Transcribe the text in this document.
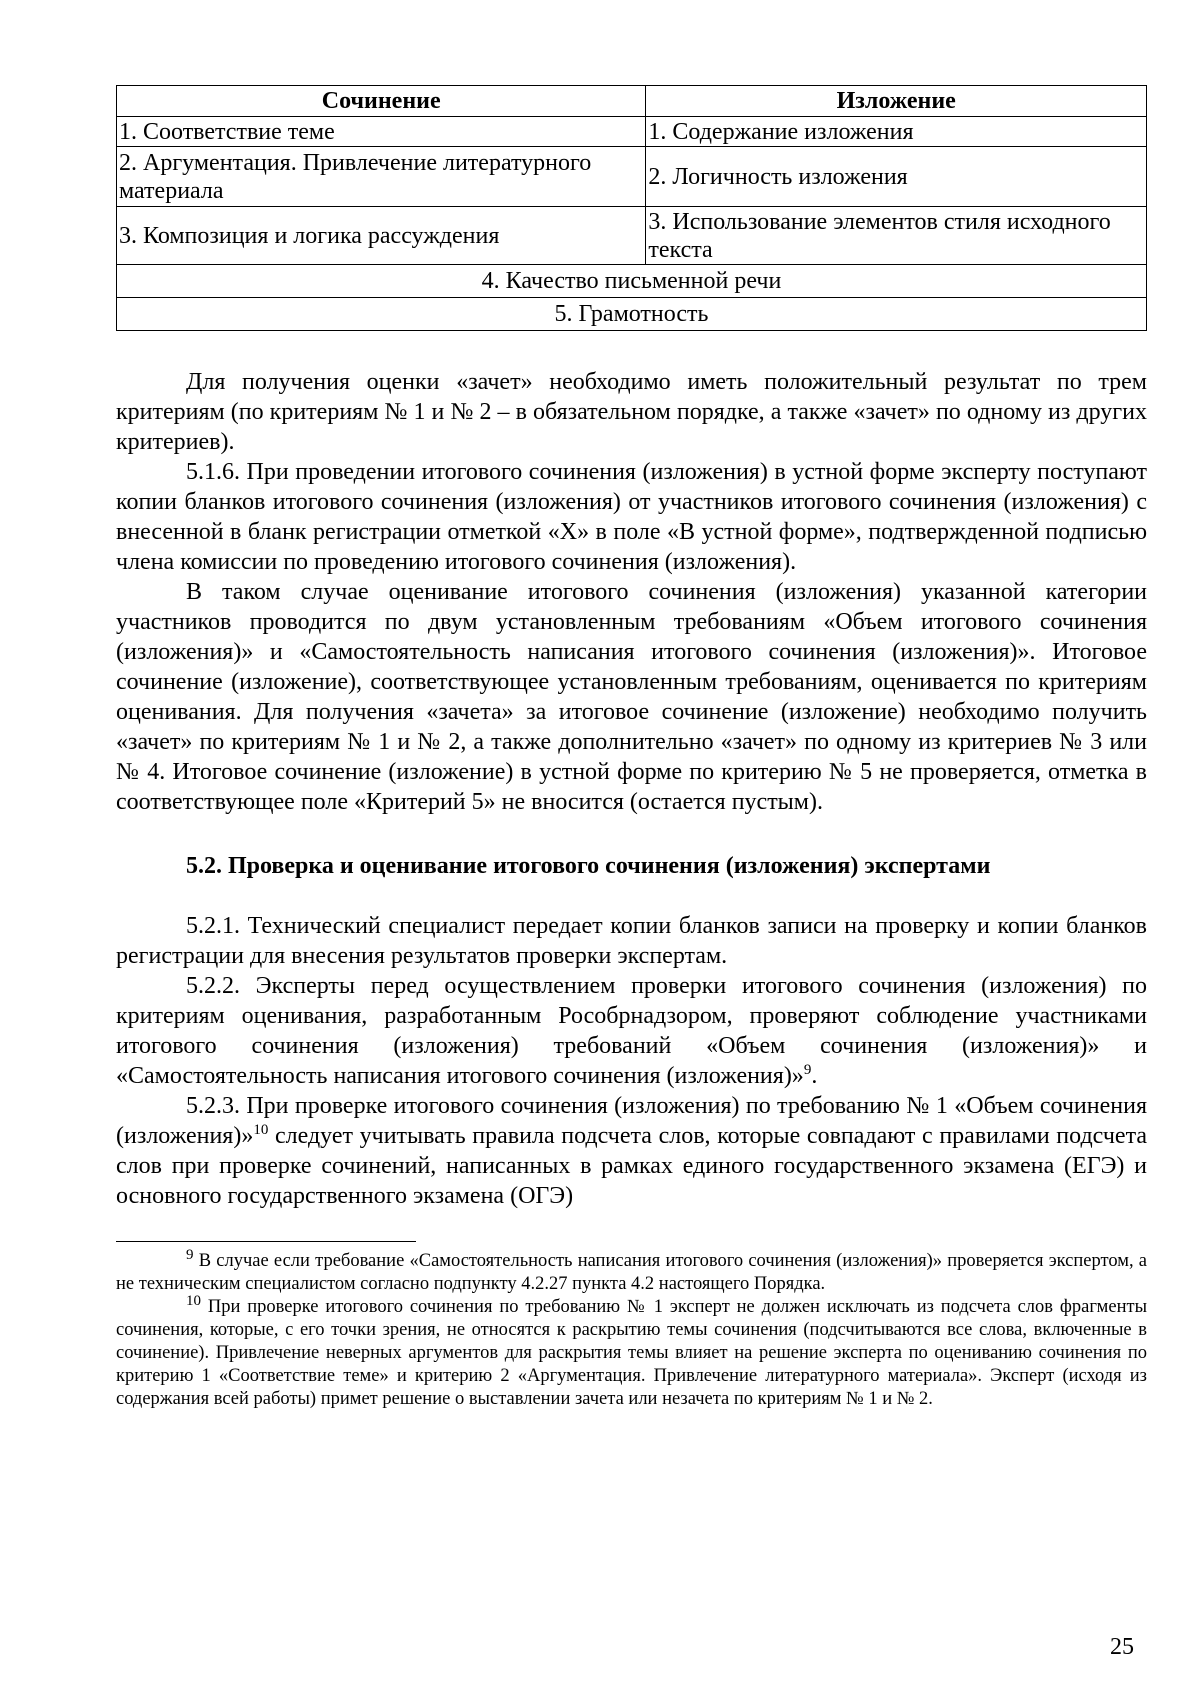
Сочинение	Изложение
1. Соответствие теме	1. Содержание изложения
2. Аргументация. Привлечение литературного материала	2. Логичность изложения
3. Композиция и логика рассуждения	3. Использование элементов стиля исходного текста
4. Качество письменной речи	
5. Грамотность	

Для получения оценки «зачет» необходимо иметь положительный результат по трем критериям (по критериям № 1 и № 2 – в обязательном порядке, а также «зачет» по одному из других критериев).

5.1.6. При проведении итогового сочинения (изложения) в устной форме эксперту поступают копии бланков итогового сочинения (изложения) от участников итогового сочинения (изложения) с внесенной в бланк регистрации отметкой «X» в поле «В устной форме», подтвержденной подписью члена комиссии по проведению итогового сочинения (изложения).

В таком случае оценивание итогового сочинения (изложения) указанной категории участников проводится по двум установленным требованиям «Объем итогового сочинения (изложения)» и «Самостоятельность написания итогового сочинения (изложения)». Итоговое сочинение (изложение), соответствующее установленным требованиям, оценивается по критериям оценивания. Для получения «зачета» за итоговое сочинение (изложение) необходимо получить «зачет» по критериям № 1 и № 2, а также дополнительно «зачет» по одному из критериев № 3 или № 4. Итоговое сочинение (изложение) в устной форме по критерию № 5 не проверяется, отметка в соответствующее поле «Критерий 5» не вносится (остается пустым).

5.2. Проверка и оценивание итогового сочинения (изложения) экспертами

5.2.1. Технический специалист передает копии бланков записи на проверку и копии бланков регистрации для внесения результатов проверки экспертам.

5.2.2. Эксперты перед осуществлением проверки итогового сочинения (изложения) по критериям оценивания, разработанным Рособрнадзором, проверяют соблюдение участниками итогового сочинения (изложения) требований «Объем сочинения (изложения)» и «Самостоятельность написания итогового сочинения (изложения)»$^9$.

5.2.3. При проверке итогового сочинения (изложения) по требованию № 1 «Объем сочинения (изложения)»$^{10}$ следует учитывать правила подсчета слов, которые совпадают с правилами подсчета слов при проверке сочинений, написанных в рамках единого государственного экзамена (ЕГЭ) и основного государственного экзамена (ОГЭ)

$^9$ В случае если требование «Самостоятельность написания итогового сочинения (изложения)» проверяется экспертом, а не техническим специалистом согласно подпункту 4.2.27 пункта 4.2 настоящего Порядка.

$^{10}$ При проверке итогового сочинения по требованию № 1 эксперт не должен исключать из подсчета слов фрагменты сочинения, которые, с его точки зрения, не относятся к раскрытию темы сочинения (подсчитываются все слова, включенные в сочинение). Привлечение неверных аргументов для раскрытия темы влияет на решение эксперта по оцениванию сочинения по критерию 1 «Соответствие теме» и критерию 2 «Аргументация. Привлечение литературного материала». Эксперт (исходя из содержания всей работы) примет решение о выставлении зачета или незачета по критериям № 1 и № 2.

25
